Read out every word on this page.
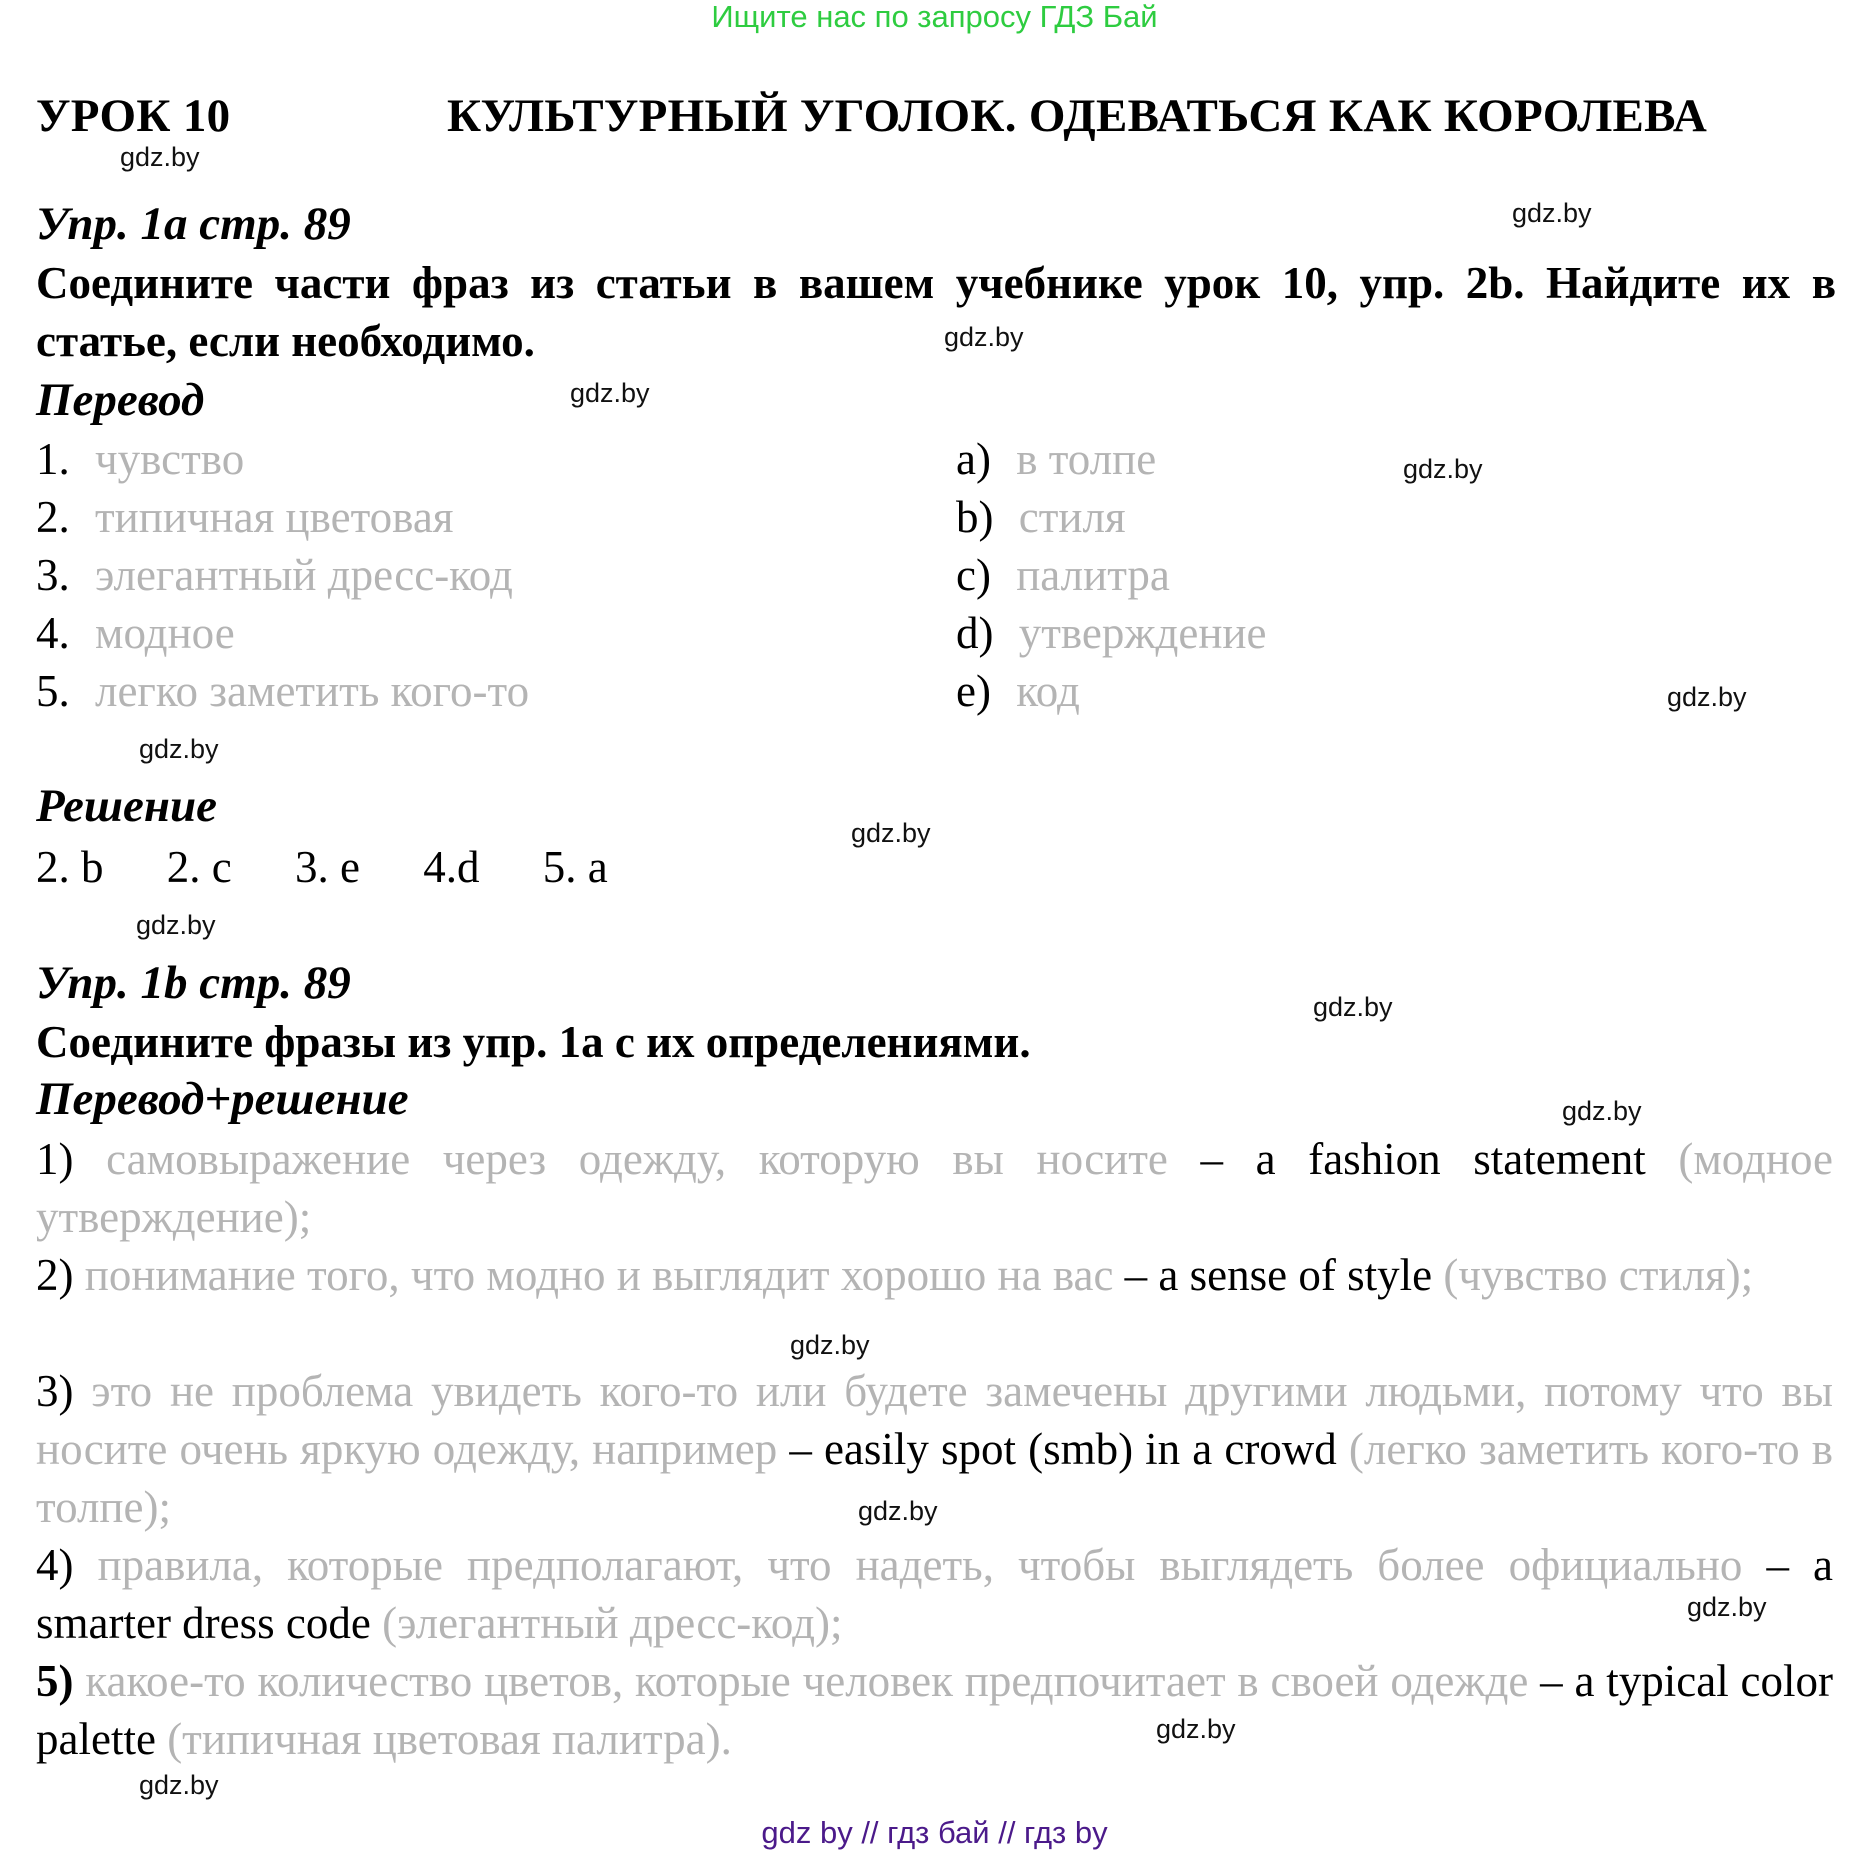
Ищите нас по запросу ГДЗ Бай
УРОК 10	КУЛЬТУРНЫЙ УГОЛОК. ОДЕВАТЬСЯ КАК КОРОЛЕВА
gdz.by
gdz.by
gdz.by
gdz.by
gdz.by
gdz.by
gdz.by
gdz.by
gdz.by
gdz.by
gdz.by
gdz.by
gdz.by
gdz.by
gdz.by
gdz.by
Упр. 1a стр. 89
Соедините части фраз из статьи в вашем учебнике урок 10, упр. 2b. Найдите их в статье, если необходимо.
Перевод
1. чувство
2. типичная цветовая
3. элегантный дресс-код
4. модное
5. легко заметить кого-то
a) в толпе
b) стиля
c) палитра
d) утверждение
e) код
Решение
2. b 2. c 3. e 4.d 5. a
Упр. 1b стр. 89
Соедините фразы из упр. 1а с их определениями.
Перевод+решение
1) самовыражение через одежду, которую вы носите – a fashion statement (модное утверждение);
2) понимание того, что модно и выглядит хорошо на вас – a sense of style (чувство стиля);
3) это не проблема увидеть кого-то или будете замечены другими людьми, потому что вы носите очень яркую одежду, например – easily spot (smb) in a crowd (легко заметить кого-то в толпе);
4) правила, которые предполагают, что надеть, чтобы выглядеть более официально – a smarter dress code (элегантный дресс-код);
5) какое-то количество цветов, которые человек предпочитает в своей одежде – a typical color palette (типичная цветовая палитра).
gdz by // гдз бай // гдз by
